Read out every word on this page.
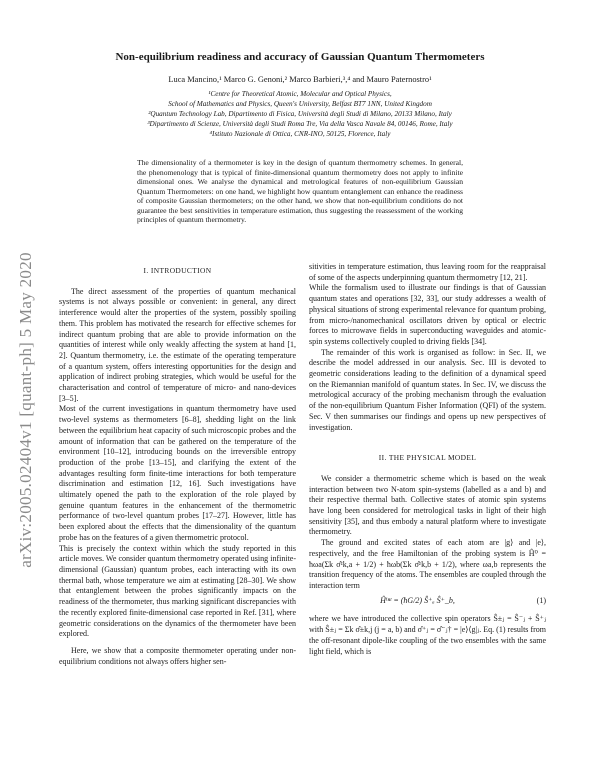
arXiv:2005.02404v1 [quant-ph] 5 May 2020
Non-equilibrium readiness and accuracy of Gaussian Quantum Thermometers
Luca Mancino,¹ Marco G. Genoni,² Marco Barbieri,³,⁴ and Mauro Paternostro¹
¹Centre for Theoretical Atomic, Molecular and Optical Physics,
School of Mathematics and Physics, Queen's University, Belfast BT7 1NN, United Kingdom
²Quantum Technology Lab, Dipartimento di Fisica, Università degli Studi di Milano, 20133 Milano, Italy
³Dipartimento di Scienze, Università degli Studi Roma Tre, Via della Vasca Navale 84, 00146, Rome, Italy
⁴Istituto Nazionale di Ottica, CNR-INO, 50125, Florence, Italy
The dimensionality of a thermometer is key in the design of quantum thermometry schemes. In general, the phenomenology that is typical of finite-dimensional quantum thermometry does not apply to infinite dimensional ones. We analyse the dynamical and metrological features of non-equilibrium Gaussian Quantum Thermometers: on one hand, we highlight how quantum entanglement can enhance the readiness of composite Gaussian thermometers; on the other hand, we show that non-equilibrium conditions do not guarantee the best sensitivities in temperature estimation, thus suggesting the reassessment of the working principles of quantum thermometry.
I. INTRODUCTION

The direct assessment of the properties of quantum mechanical systems is not always possible or convenient: in general, any direct interference would alter the properties of the system, possibly spoiling them. This problem has motivated the research for effective schemes for indirect quantum probing that are able to provide information on the quantities of interest while only weakly affecting the system at hand [1, 2]. Quantum thermometry, i.e. the estimate of the operating temperature of a quantum system, offers interesting opportunities for the design and application of indirect probing strategies, which would be useful for the characterisation and control of temperature of micro- and nano-devices [3–5].

Most of the current investigations in quantum thermometry have used two-level systems as thermometers [6–8], shedding light on the link between the equilibrium heat capacity of such microscopic probes and the amount of information that can be gathered on the temperature of the environment [10–12], introducing bounds on the irreversible entropy production of the probe [13–15], and clarifying the extent of the advantages resulting form finite-time interactions for both temperature discrimination and estimation [12, 16]. Such investigations have ultimately opened the path to the exploration of the role played by genuine quantum features in the enhancement of the thermometric performance of two-level quantum probes [17–27]. However, little has been explored about the effects that the dimensionality of the quantum probe has on the features of a given thermometric protocol.

This is precisely the context within which the study reported in this article moves. We consider quantum thermometry operated using infinite-dimensional (Gaussian) quantum probes, each interacting with its own thermal bath, whose temperature we aim at estimating [28–30]. We show that entanglement between the probes significantly impacts on the readiness of the thermometer, thus marking significant discrepancies with the recently explored finite-dimensional case reported in Ref. [31], where geometric considerations on the dynamics of the thermometer have been explored.

Here, we show that a composite thermometer operating under non-equilibrium conditions not always offers higher sen-

sitivities in temperature estimation, thus leaving room for the reappraisal of some of the aspects underpinning quantum thermometry [12, 21].

While the formalism used to illustrate our findings is that of Gaussian quantum states and operations [32, 33], our study addresses a wealth of physical situations of strong experimental relevance for quantum probing, from micro-/nanomechanical oscillators driven by optical or electric forces to microwave fields in superconducting waveguides and atomic-spin systems collectively coupled to driving fields [34].

The remainder of this work is organised as follow: in Sec. II, we describe the model addressed in our analysis. Sec. III is devoted to geometric considerations leading to the definition of a dynamical speed on the Riemannian manifold of quantum states. In Sec. IV, we discuss the metrological accuracy of the probing mechanism through the evaluation of the non-equilibrium Quantum Fisher Information (QFI) of the system. Sec. V then summarises our findings and opens up new perspectives of investigation.

II. THE PHYSICAL MODEL

We consider a thermometric scheme which is based on the weak interaction between two N-atom spin-systems (labelled as a and b) and their respective thermal bath. Collective states of atomic spin systems have long been considered for metrological tasks in light of their high sensitivity [35], and thus embody a natural platform where to investigate thermometry.

The ground and excited states of each atom are |g⟩ and |e⟩, respectively, and the free Hamiltonian of the probing system is Ĥ⁰ = ħωa(Σk σ̂ᶻk,a + 1/2) + ħωb(Σk σ̂ᶻk,b + 1/2), where ωa,b represents the transition frequency of the atoms. The ensembles are coupled through the interaction term

Ĥⁱⁿᵗ = (ħG/2) Ŝ⁺ₐ Ŝ⁺_b,	(1)

where we have introduced the collective spin operators Ŝ±ⱼ = Ŝ⁻ⱼ + Ŝ⁺ⱼ with Ŝ±ⱼ = Σk σ̂±k,j (j = a, b) and σ̂⁺ⱼ = σ̂⁻ⱼ† = |e⟩⟨g|ⱼ. Eq. (1) results from the off-resonant dipole-like coupling of the two ensembles with the same light field, which is
